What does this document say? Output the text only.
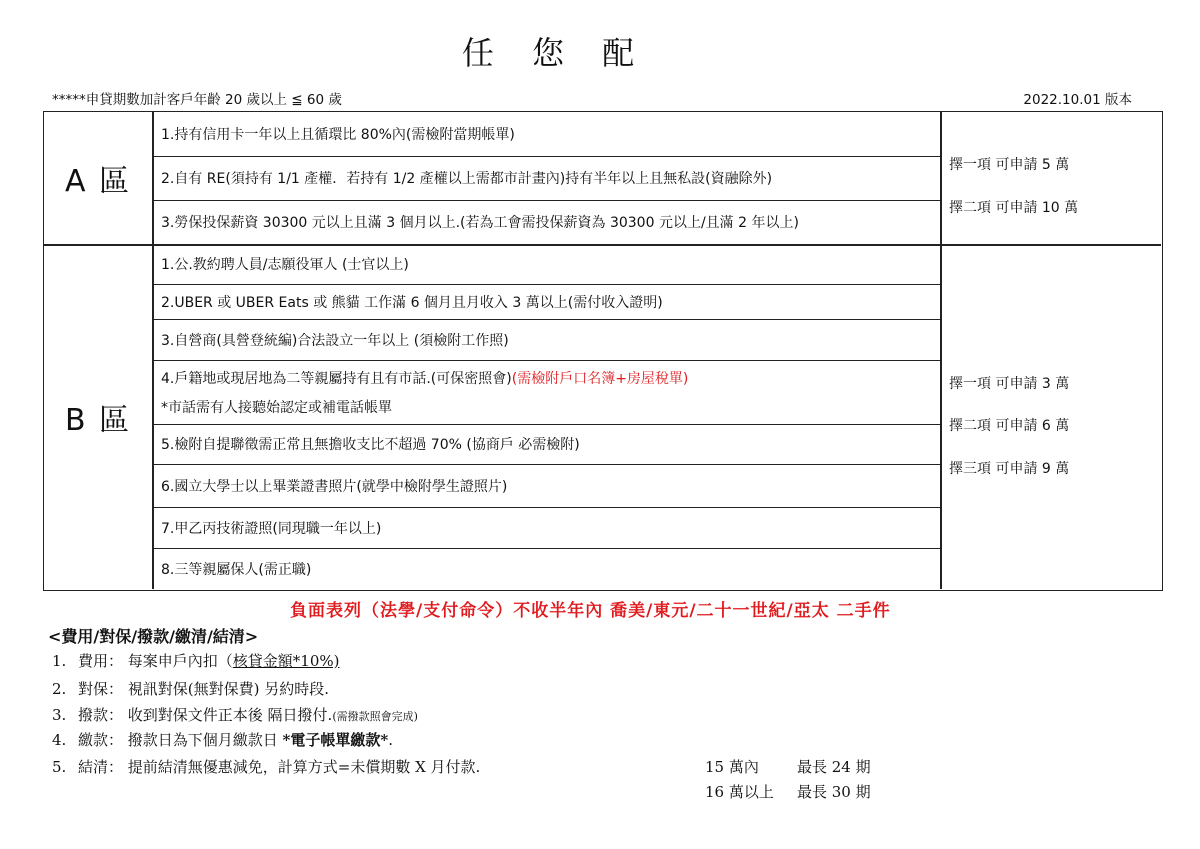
任 您 配
*****申貸期數加計客戶年齡 20 歲以上 ≦ 60 歲	2022.10.01 版本
A 區
1.持有信用卡一年以上且循環比 80%內(需檢附當期帳單)
2.自有 RE(須持有 1/1 產權．若持有 1/2 產權以上需都市計畫內)持有半年以上且無私設(資融除外)
3.勞保投保薪資 30300 元以上且滿 3 個月以上.(若為工會需投保薪資為 30300 元以上/且滿 2 年以上)
擇一項 可申請 5 萬
擇二項 可申請 10 萬
B 區
1.公.教約聘人員/志願役軍人 (士官以上)
2.UBER 或 UBER Eats 或 熊貓 工作滿 6 個月且月收入 3 萬以上(需付收入證明)
3.自營商(具營登統編)合法設立一年以上 (須檢附工作照)
4.戶籍地或現居地為二等親屬持有且有市話.(可保密照會)(需檢附戶口名簿+房屋稅單)
*市話需有人接聽始認定或補電話帳單
5.檢附自提聯徵需正常且無擔收支比不超過 70% (協商戶 必需檢附)
6.國立大學士以上畢業證書照片(就學中檢附學生證照片)
7.甲乙丙技術證照(同現職一年以上)
8.三等親屬保人(需正職)
擇一項 可申請 3 萬
擇二項 可申請 6 萬
擇三項 可申請 9 萬
負面表列（法學/支付命令）不收半年內 喬美/東元/二十一世紀/亞太 二手件
<費用/對保/撥款/繳清/結清>
1. 費用： 每案申戶內扣（核貸金額*10%)
2. 對保： 視訊對保(無對保費) 另約時段.
3. 撥款： 收到對保文件正本後 隔日撥付.(需撥款照會完成)
4. 繳款： 撥款日為下個月繳款日 *電子帳單繳款*.
5. 結清： 提前結清無優惠減免，計算方式=未償期數 X 月付款.	15 萬內	最長 24 期
16 萬以上 最長 30 期
